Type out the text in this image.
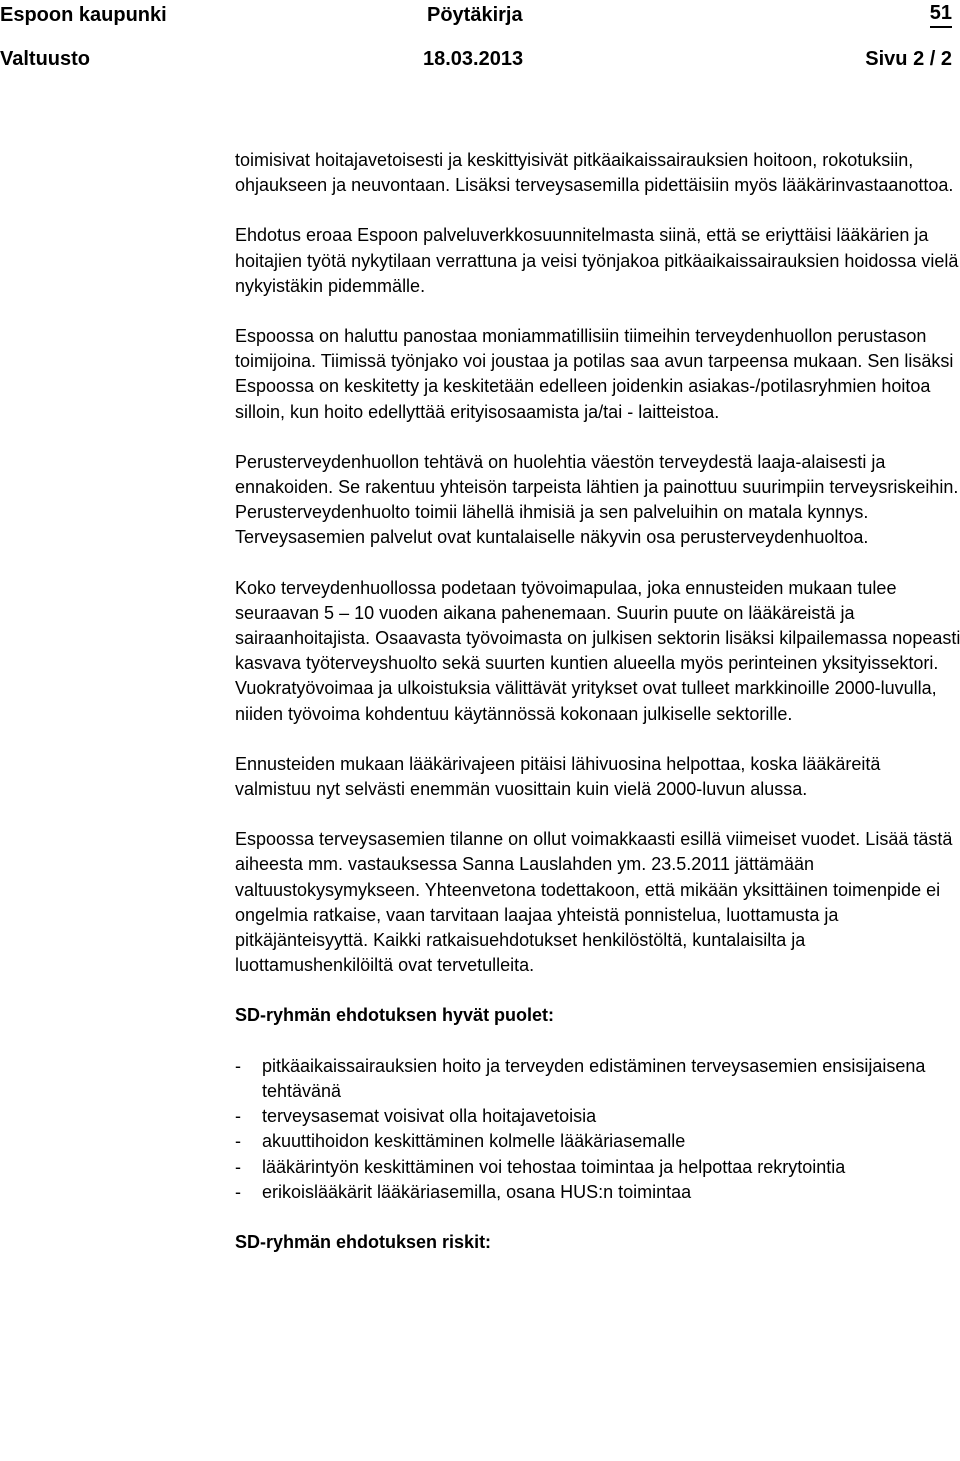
Espoon kaupunki	Pöytäkirja	51
Valtuusto	18.03.2013	Sivu 2 / 2

toimisivat hoitajavetoisesti ja keskittyisivät pitkäaikaissairauksien hoitoon, rokotuksiin, ohjaukseen ja neuvontaan. Lisäksi terveysasemilla pidettäisiin myös lääkärinvastaanottoa.

Ehdotus eroaa Espoon palveluverkkosuunnitelmasta siinä, että se eriyttäisi lääkärien ja hoitajien työtä nykytilaan verrattuna ja veisi työnjakoa pitkäaikaissairauksien hoidossa vielä nykyistäkin pidemmälle.

Espoossa on haluttu panostaa moniammatillisiin tiimeihin terveydenhuollon perustason toimijoina. Tiimissä työnjako voi joustaa ja potilas saa avun tarpeensa mukaan. Sen lisäksi Espoossa on keskitetty ja keskitetään edelleen joidenkin asiakas-/potilasryhmien hoitoa silloin, kun hoito edellyttää erityisosaamista ja/tai - laitteistoa.

Perusterveydenhuollon tehtävä on huolehtia väestön terveydestä laaja-alaisesti ja ennakoiden. Se rakentuu yhteisön tarpeista lähtien ja painottuu suurimpiin terveysriskeihin. Perusterveydenhuolto toimii lähellä ihmisiä ja sen palveluihin on matala kynnys. Terveysasemien palvelut ovat kuntalaiselle näkyvin osa perusterveydenhuoltoa.

Koko terveydenhuollossa podetaan työvoimapulaa, joka ennusteiden mukaan tulee seuraavan 5 – 10 vuoden aikana pahenemaan. Suurin puute on lääkäreistä ja sairaanhoitajista. Osaavasta työvoimasta on julkisen sektorin lisäksi kilpailemassa nopeasti kasvava työterveyshuolto sekä suurten kuntien alueella myös perinteinen yksityissektori. Vuokratyövoimaa ja ulkoistuksia välittävät yritykset ovat tulleet markkinoille 2000-luvulla, niiden työvoima kohdentuu käytännössä kokonaan julkiselle sektorille.

Ennusteiden mukaan lääkärivajeen pitäisi lähivuosina helpottaa, koska lääkäreitä valmistuu nyt selvästi enemmän vuosittain kuin vielä 2000-luvun alussa.

Espoossa terveysasemien tilanne on ollut voimakkaasti esillä viimeiset vuodet. Lisää tästä aiheesta mm. vastauksessa Sanna Lauslahden ym. 23.5.2011 jättämään valtuustokysymykseen. Yhteenvetona todettakoon, että mikään yksittäinen toimenpide ei ongelmia ratkaise, vaan tarvitaan laajaa yhteistä ponnistelua, luottamusta ja pitkäjänteisyyttä. Kaikki ratkaisuehdotukset henkilöstöltä, kuntalaisilta ja luottamushenkilöiltä ovat tervetulleita.

SD-ryhmän ehdotuksen hyvät puolet:
- pitkäaikaissairauksien hoito ja terveyden edistäminen terveysasemien ensisijaisena tehtävänä
- terveysasemat voisivat olla hoitajavetoisia
- akuuttihoidon keskittäminen kolmelle lääkäriasemalle
- lääkärintyön keskittäminen voi tehostaa toimintaa ja helpottaa rekrytointia
- erikoislääkärit lääkäriasemilla, osana HUS:n toimintaa
SD-ryhmän ehdotuksen riskit:
